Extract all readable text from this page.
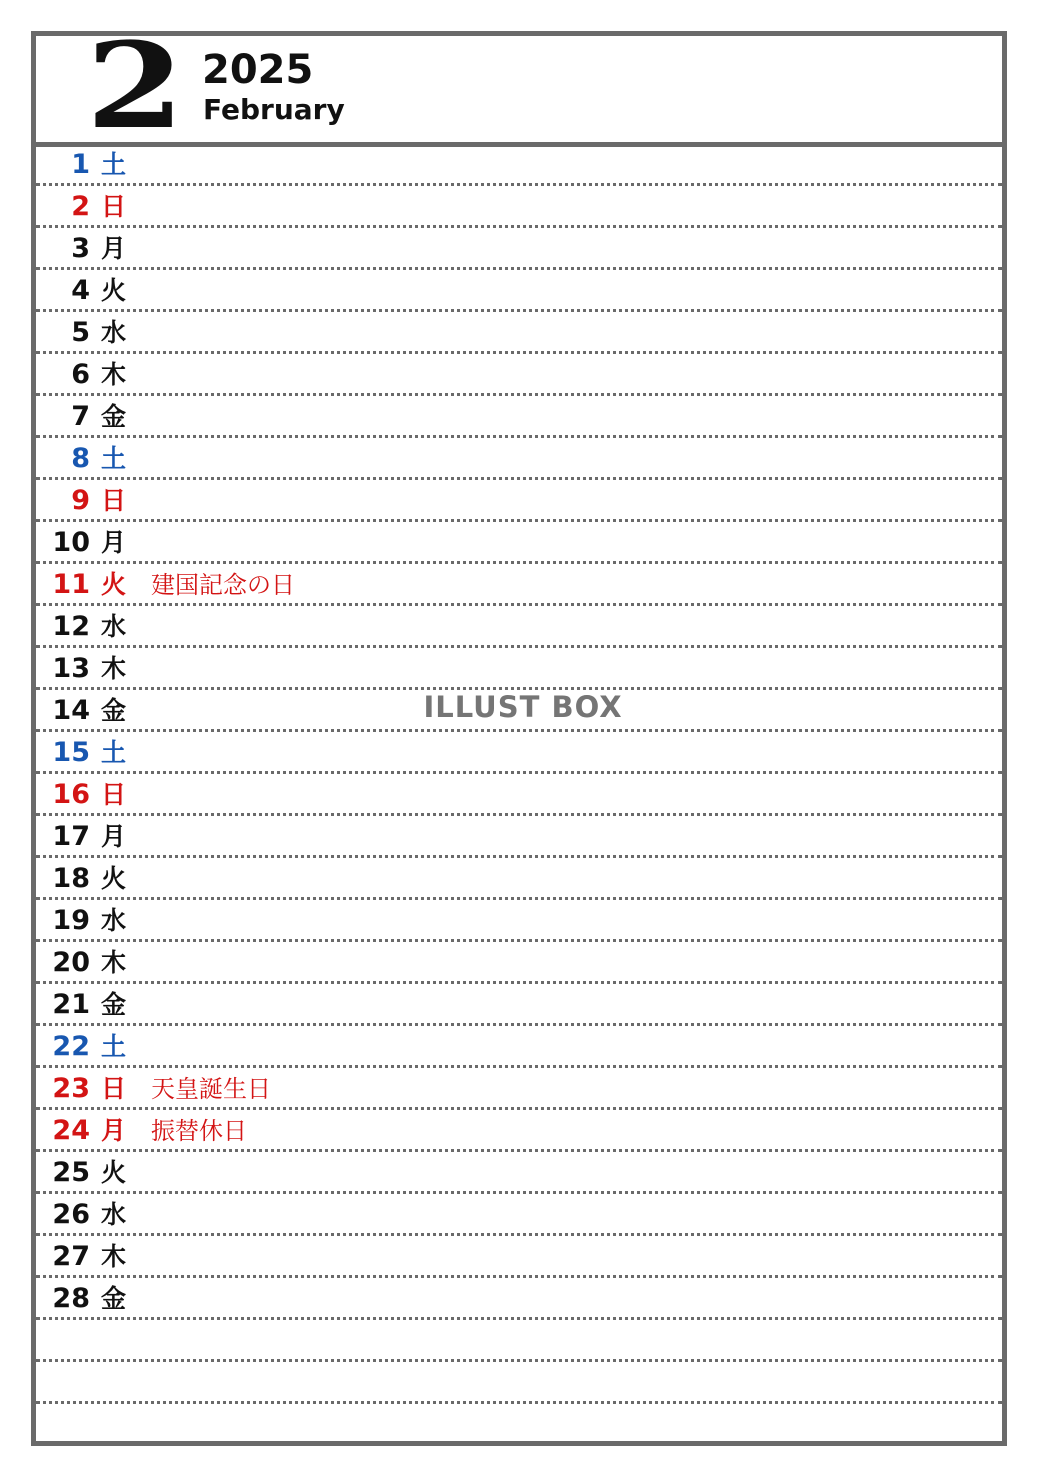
2 2025
February
1 土
2 日
3 月
4 火
5 水
6 木
7 金
8 土
9 日
10 月
11 火 建国記念の日
12 水
13 木
14 金
15 土
16 日
17 月
18 火
19 水
20 木
21 金
22 土
23 日 天皇誕生日
24 月 振替休日
25 火
26 水
27 木
28 金
ILLUST BOX
